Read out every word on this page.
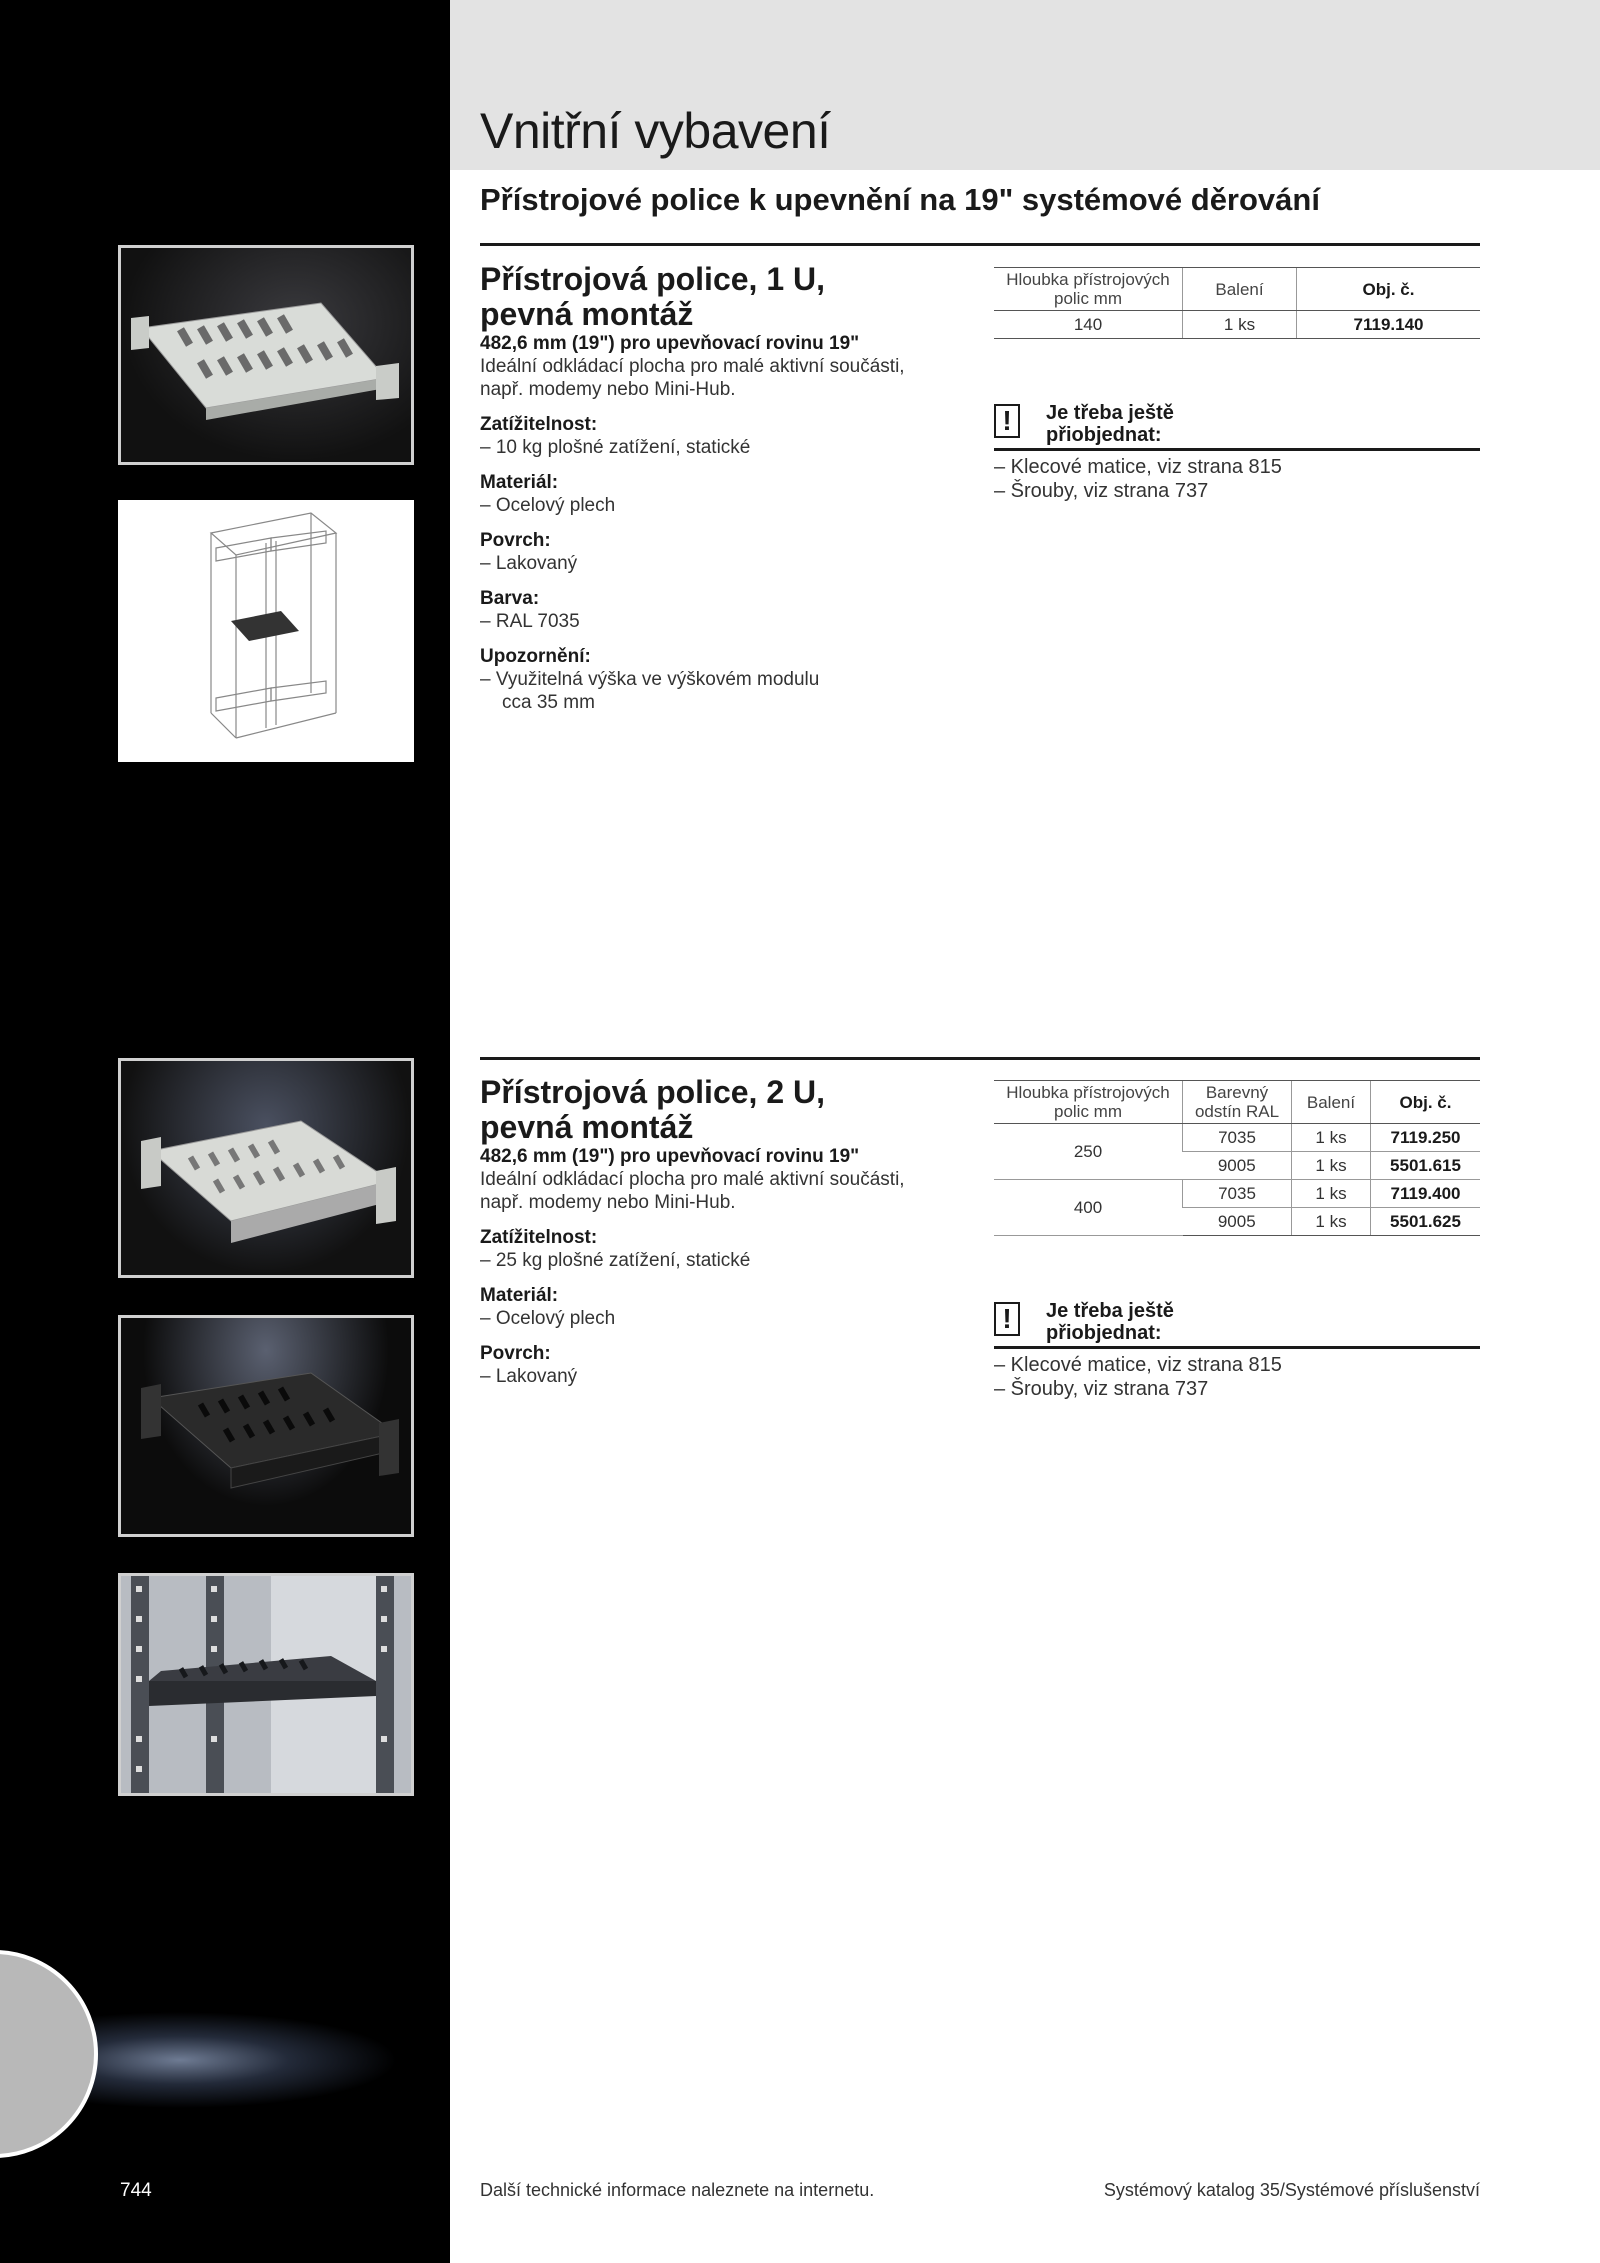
744
Vnitřní vybavení
Přístrojové police k upevnění na 19" systémové děrování
Přístrojová police, 1 U,
pevná montáž
482,6 mm (19") pro upevňovací rovinu 19"
Ideální odkládací plocha pro malé aktivní součásti,
např. modemy nebo Mini-Hub.
Zatížitelnost:
– 10 kg plošné zatížení, statické
Materiál:
– Ocelový plech
Povrch:
– Lakovaný
Barva:
– RAL 7035
Upozornění:
– Využitelná výška ve výškovém modulu
cca 35 mm
Hloubka přístrojových polic mm	Balení	Obj. č.
140	1 ks	7119.140
!	Je třeba ještě
přiobjednat:
– Klecové matice, viz strana 815
– Šrouby, viz strana 737
Přístrojová police, 2 U,
pevná montáž
482,6 mm (19") pro upevňovací rovinu 19"
Ideální odkládací plocha pro malé aktivní součásti,
např. modemy nebo Mini-Hub.
Zatížitelnost:
– 25 kg plošné zatížení, statické
Materiál:
– Ocelový plech
Povrch:
– Lakovaný
Hloubka přístrojových polic mm	Barevný odstín RAL	Balení	Obj. č.
250	7035	1 ks	7119.250
	9005	1 ks	5501.615
400	7035	1 ks	7119.400
	9005	1 ks	5501.625
!	Je třeba ještě
přiobjednat:
– Klecové matice, viz strana 815
– Šrouby, viz strana 737
Další technické informace naleznete na internetu.	Systémový katalog 35/Systémové příslušenství
